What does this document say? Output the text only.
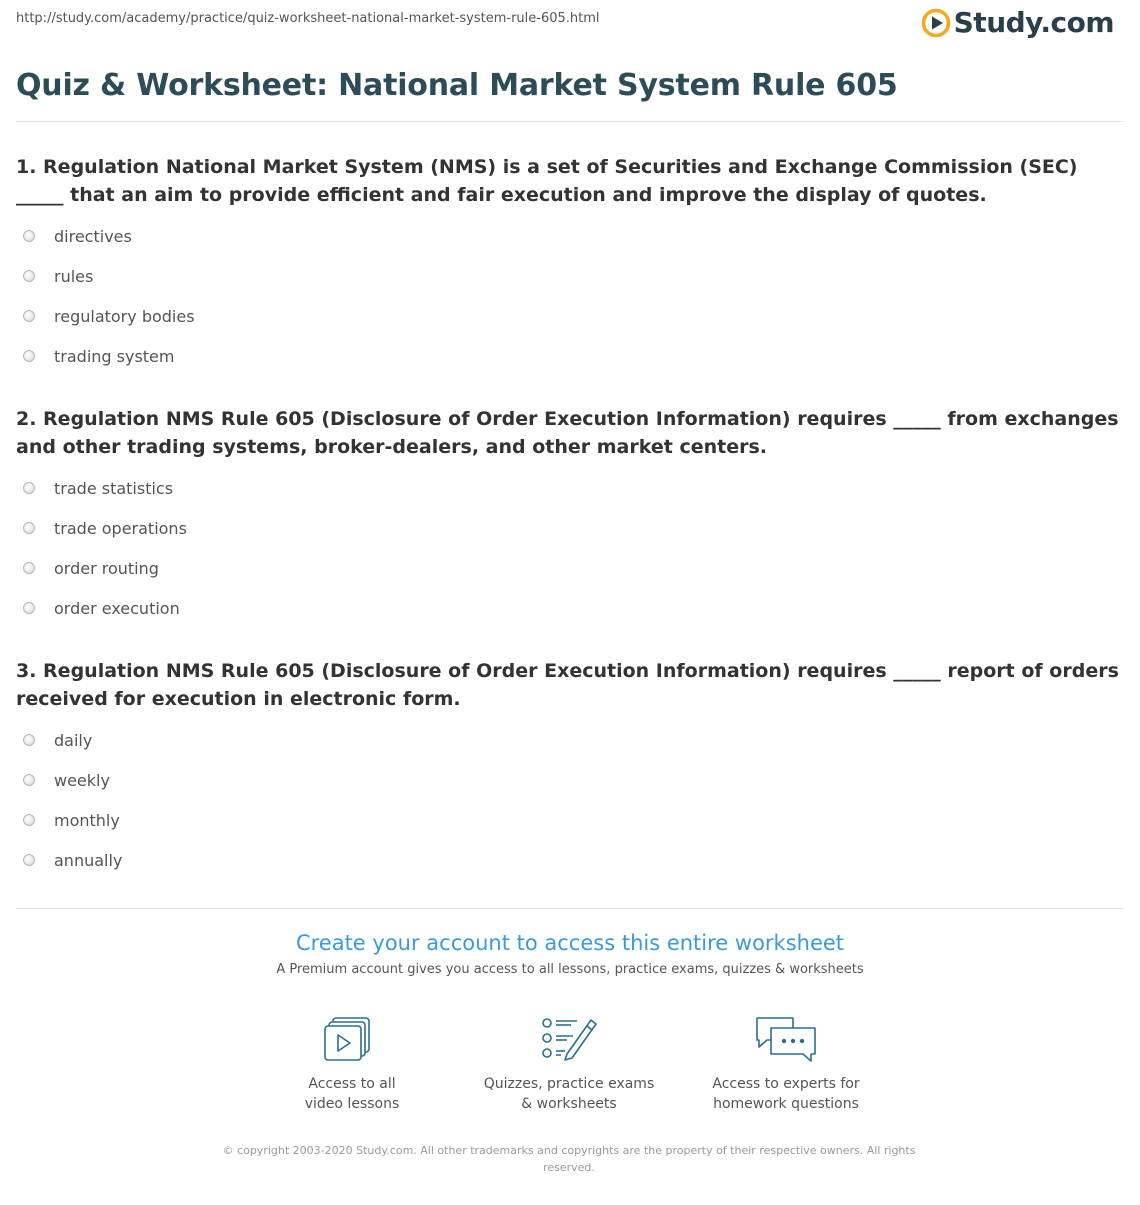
http://study.com/academy/practice/quiz-worksheet-national-market-system-rule-605.html	Study.com
Quiz & Worksheet: National Market System Rule 605

1. Regulation National Market System (NMS) is a set of Securities and Exchange Commission (SEC) _____ that an aim to provide efficient and fair execution and improve the display of quotes.

directives
rules
regulatory bodies
trading system

2. Regulation NMS Rule 605 (Disclosure of Order Execution Information) requires _____ from exchanges and other trading systems, broker-dealers, and other market centers.

trade statistics
trade operations
order routing
order execution

3. Regulation NMS Rule 605 (Disclosure of Order Execution Information) requires _____ report of orders received for execution in electronic form.

daily
weekly
monthly
annually
Create your account to access this entire worksheet
A Premium account gives you access to all lessons, practice exams, quizzes & worksheets
Access to all
video lessons
Quizzes, practice exams
& worksheets
Access to experts for
homework questions
© copyright 2003-2020 Study.com. All other trademarks and copyrights are the property of their respective owners. All rights reserved.
